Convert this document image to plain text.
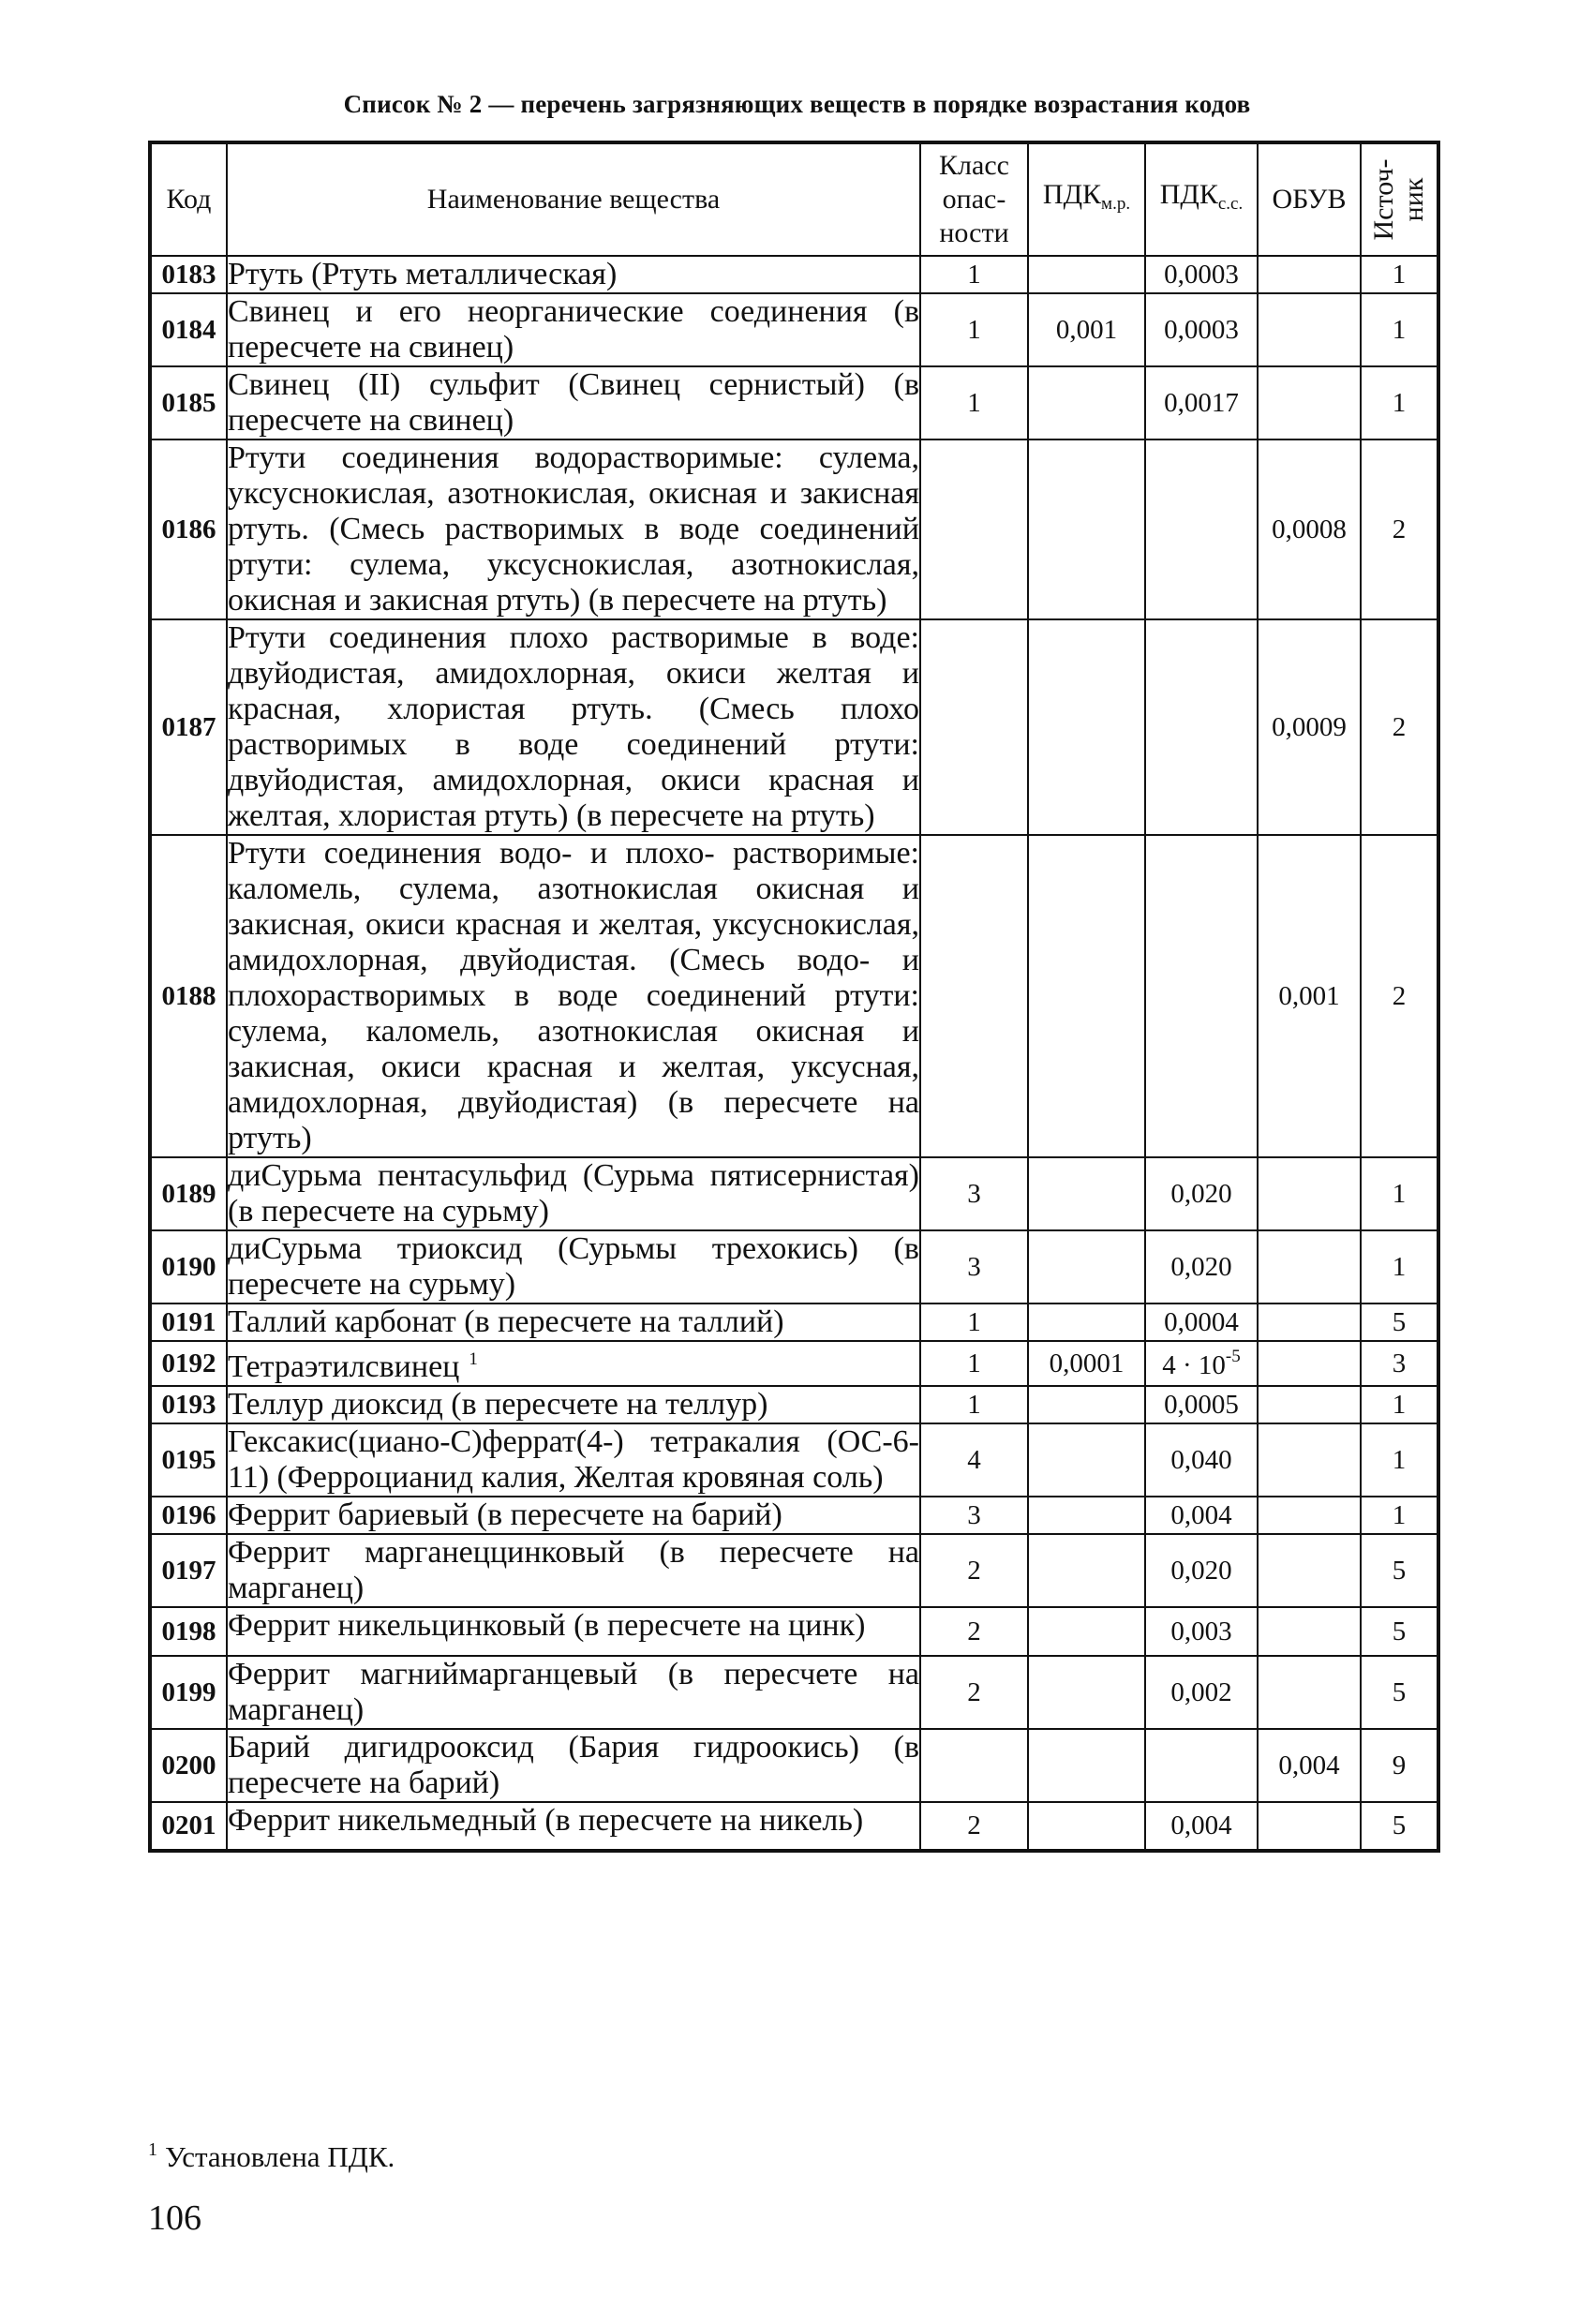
Список № 2 — перечень загрязняющих веществ в порядке возрастания кодов
Код	Наименование вещества	Класс опас- ности	$ПДК_{м.р.}$	$ПДК_{с.с.}$	ОБУВ	Источ- ник

0183	Ртуть (Ртуть металлическая)	1		0,0003		1
0184	Свинец и его неорганические соединения (в пересчете на свинец)	1	0,001	0,0003		1
0185	Свинец (II) сульфит (Свинец сернистый) (в пересчете на свинец)	1		0,0017		1
0186	Ртути соединения водорастворимые: сулема, уксуснокислая, азотнокислая, окисная и закисная ртуть. (Смесь растворимых в воде соединений ртути: сулема, уксуснокислая, азотнокислая, окисная и закисная ртуть) (в пересчете на ртуть)				0,0008	2
0187	Ртути соединения плохо растворимые в воде: двуйодистая, амидохлорная, окиси желтая и красная, хлористая ртуть. (Смесь плохо растворимых в воде соединений ртути: двуйодистая, амидохлорная, окиси красная и желтая, хлористая ртуть) (в пересчете на ртуть)				0,0009	2
0188	Ртути соединения водо- и плохо- растворимые: каломель, сулема, азотнокислая окисная и закисная, окиси красная и желтая, уксуснокислая, амидохлорная, двуйодистая. (Смесь водо- и плохорастворимых в воде соединений ртути: сулема, каломель, азотнокислая окисная и закисная, окиси красная и желтая, уксусная, амидохлорная, двуйодистая) (в пересчете на ртуть)				0,001	2
0189	диСурьма пентасульфид (Сурьма пятисернистая) (в пересчете на сурьму)	3		0,020		1
0190	диСурьма триоксид (Сурьмы трехокись) (в пересчете на сурьму)	3		0,020		1
0191	Таллий карбонат (в пересчете на таллий)	1		0,0004		5
0192	Тетраэтилсвинец $^1$	1	0,0001	$4 \cdot 10^{-5}$		3
0193	Теллур диоксид (в пересчете на теллур)	1		0,0005		1
0195	Гексакис(циано-С)феррат(4-) тетракалия (ОС-6-11) (Ферроцианид калия, Желтая кровяная соль)	4		0,040		1
0196	Феррит бариевый (в пересчете на барий)	3		0,004		1
0197	Феррит марганеццинковый (в пересчете на марганец)	2		0,020		5
0198	Феррит никельцинковый (в пересчете на цинк)	2		0,003		5
0199	Феррит магниймарганцевый (в пересчете на марганец)	2		0,002		5
0200	Барий дигидрооксид (Бария гидроокись) (в пересчете на барий)				0,004	9
0201	Феррит никельмедный (в пересчете на никель)	2		0,004		5
$^1$ Установлена ПДК.
106
